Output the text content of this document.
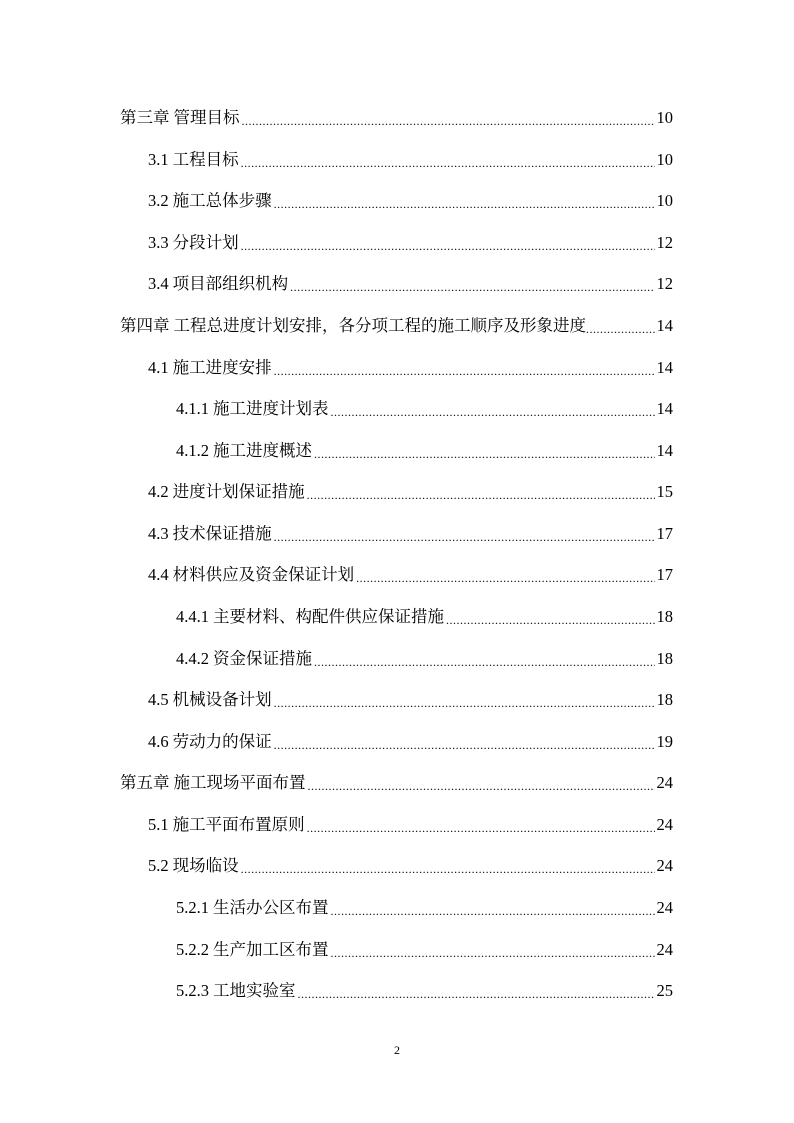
第三章 管理目标 .....	10
3.1 工程目标 .....	10
3.2 施工总体步骤 .....	10
3.3 分段计划 .....	12
3.4 项目部组织机构 .....	12
第四章 工程总进度计划安排，各分项工程的施工顺序及形象进度 .....	14
4.1 施工进度安排 .....	14
4.1.1 施工进度计划表 .....	14
4.1.2 施工进度概述 .....	14
4.2 进度计划保证措施 .....	15
4.3 技术保证措施 .....	17
4.4 材料供应及资金保证计划 .....	17
4.4.1 主要材料、构配件供应保证措施 .....	18
4.4.2 资金保证措施 .....	18
4.5 机械设备计划 .....	18
4.6 劳动力的保证 .....	19
第五章 施工现场平面布置 .....	24
5.1 施工平面布置原则 .....	24
5.2 现场临设 .....	24
5.2.1 生活办公区布置 .....	24
5.2.2 生产加工区布置 .....	24
5.2.3 工地实验室 .....	25
2
